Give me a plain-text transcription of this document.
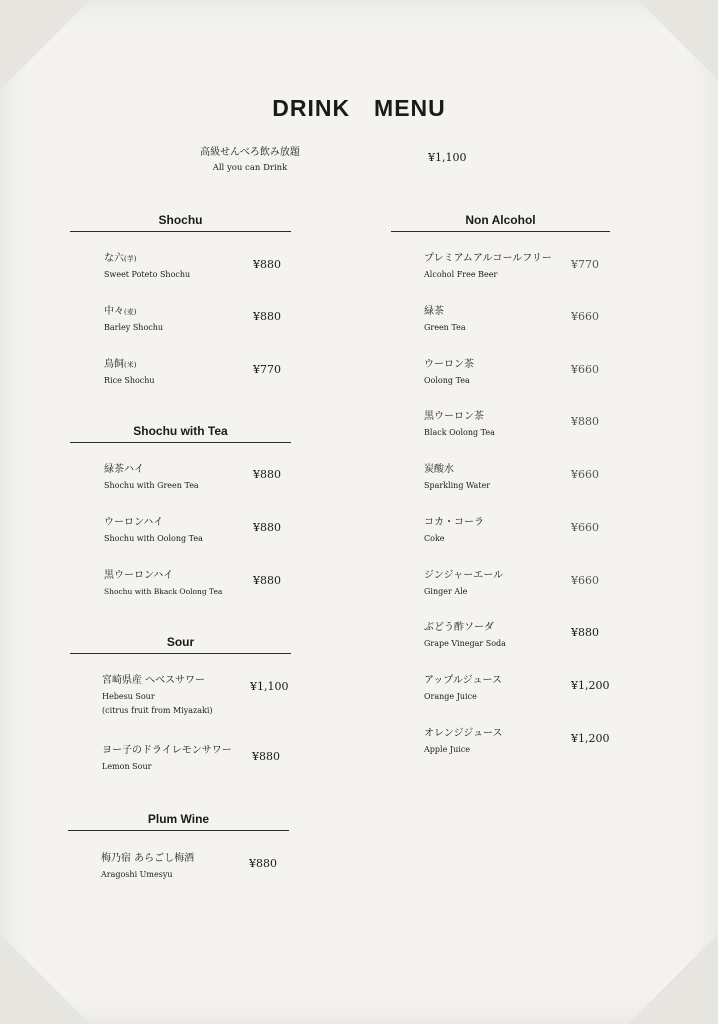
DRINK　MENU
高級せんべろ飲み放題
All you can Drink
¥1,100
Shochu
な六(芋)
Sweet Poteto Shochu
¥880
中々(麦)
Barley Shochu
¥880
鳥飼(米)
Rice Shochu
¥770
Shochu with Tea
緑茶ハイ
Shochu with Green Tea
¥880
ウーロンハイ
Shochu with Oolong Tea
¥880
黒ウーロンハイ
Shochu with Bkack Oolong Tea
¥880
Sour
宮崎県産 へべスサワー
Hebesu Sour
(citrus fruit from Miyazaki)
¥1,100
ヨー子のドライレモンサワー
Lemon Sour
¥880
Plum Wine
梅乃宿 あらごし梅酒
Aragoshi Umesyu
¥880
Non Alcohol
プレミアムアルコールフリー
Alcohol Free Beer
¥770
緑茶
Green Tea
¥660
ウーロン茶
Oolong Tea
¥660
黒ウーロン茶
Black Oolong Tea
¥880
炭酸水
Sparkling Water
¥660
コカ・コーラ
Coke
¥660
ジンジャーエール
Ginger Ale
¥660
ぶどう酢ソーダ
Grape Vinegar Soda
¥880
アップルジュース
Orange Juice
¥1,200
オレンジジュース
Apple Juice
¥1,200
